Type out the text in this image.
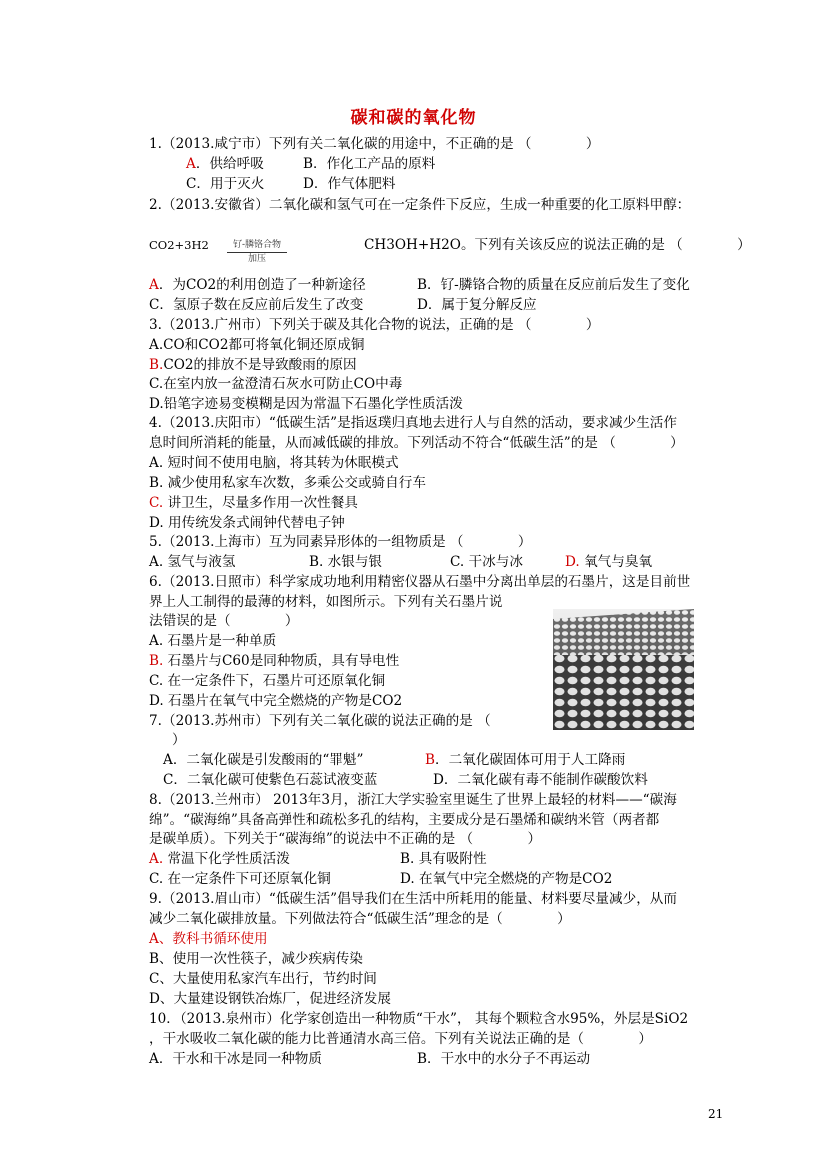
碳和碳的氧化物
1.（2013.咸宁市）下列有关二氧化碳的用途中，不正确的是 （　　　　）
A．供给呼吸	B．作化工产品的原料
C．用于灭火	D．作气体肥料
2.（2013.安徽省）二氧化碳和氢气可在一定条件下反应，生成一种重要的化工原料甲醇：
CO2+3H2	钌-膦铬合物
加压
CH3OH+H2O。下列有关该反应的说法正确的是 （　　　　）
A．为CO2的利用创造了一种新途径	B．钌-膦铬合物的质量在反应前后发生了变化
C．氢原子数在反应前后发生了改变	D．属于复分解反应
3.（2013.广州市）下列关于碳及其化合物的说法，正确的是 （　　　　）
A.CO和CO2都可将氧化铜还原成铜
B.CO2的排放不是导致酸雨的原因
C.在室内放一盆澄清石灰水可防止CO中毒
D.铅笔字迹易变模糊是因为常温下石墨化学性质活泼
4.（2013.庆阳市）“低碳生活”是指返璞归真地去进行人与自然的活动，要求减少生活作
息时间所消耗的能量，从而减低碳的排放。下列活动不符合“低碳生活”的是 （　　　　）
A. 短时间不使用电脑，将其转为休眠模式
B. 减少使用私家车次数，多乘公交或骑自行车
C. 讲卫生，尽量多作用一次性餐具
D. 用传统发条式闹钟代替电子钟
5.（2013.上海市）互为同素异形体的一组物质是 （　　　　）
A. 氢气与液氢	B. 水银与银	C. 干冰与冰	D. 氧气与臭氧
6.（2013.日照市）科学家成功地利用精密仪器从石墨中分离出单层的石墨片，这是目前世
界上人工制得的最薄的材料，如图所示。下列有关石墨片说
法错误的是（　　　　）
A. 石墨片是一种单质
B. 石墨片与C60是同种物质，具有导电性
C. 在一定条件下，石墨片可还原氧化铜
D. 石墨片在氧气中完全燃烧的产物是CO2
7.（2013.苏州市）下列有关二氧化碳的说法正确的是 （
）
A．二氧化碳是引发酸雨的“罪魁”	B．二氧化碳固体可用于人工降雨
C．二氧化碳可使紫色石蕊试液变蓝	D．二氧化碳有毒不能制作碳酸饮料
8.（2013.兰州市） 2013年3月，浙江大学实验室里诞生了世界上最轻的材料——“碳海
绵”。“碳海绵”具备高弹性和疏松多孔的结构，主要成分是石墨烯和碳纳米管（两者都
是碳单质）。下列关于“碳海绵”的说法中不正确的是 （　　　　）
A. 常温下化学性质活泼	B. 具有吸附性
C. 在一定条件下可还原氧化铜	D. 在氧气中完全燃烧的产物是CO2
9.（2013.眉山市）“低碳生活”倡导我们在生活中所耗用的能量、材料要尽量减少，从而
减少二氧化碳排放量。下列做法符合“低碳生活”理念的是（　　　　）
A、教科书循环使用
B、使用一次性筷子，减少疾病传染
C、大量使用私家汽车出行，节约时间
D、大量建设钢铁冶炼厂，促进经济发展
10．（2013.泉州市）化学家创造出一种物质“干水”， 其每个颗粒含水95%，外层是SiO2
，干水吸收二氧化碳的能力比普通清水高三倍。下列有关说法正确的是（　　　　）
A．干水和干冰是同一种物质	B．干水中的水分子不再运动
21
